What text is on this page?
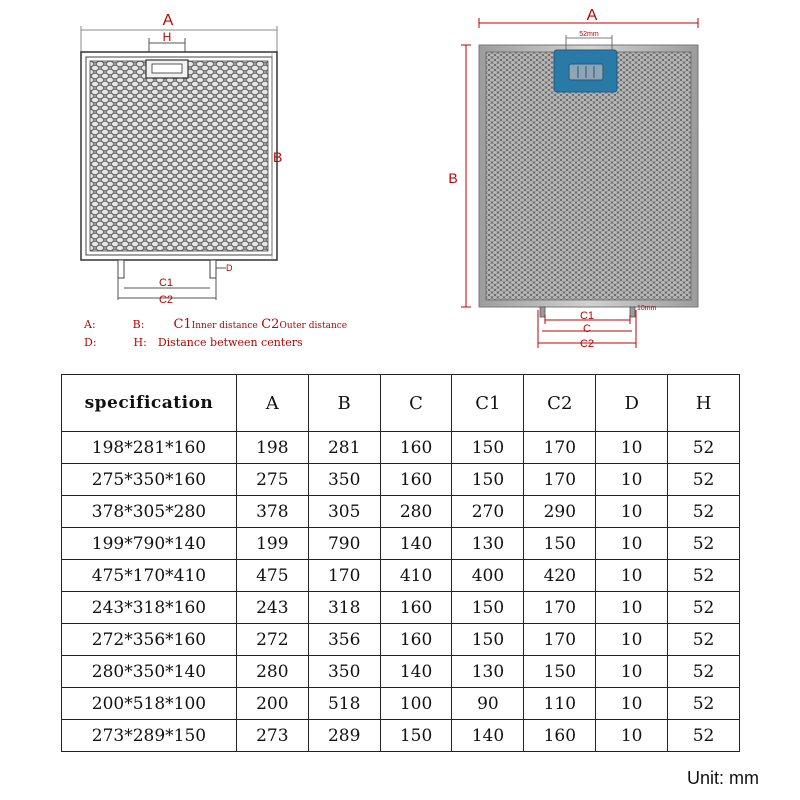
A
H
B
D
C1
C2
A
B
52mm
10mm
C1
C
C2
A:	B: C1Inner distance C2Outer distance
D:	H: Distance between centers
specification	A	B	C	C1	C2	D	H
198*281*160	198	281	160	150	170	10	52
275*350*160	275	350	160	150	170	10	52
378*305*280	378	305	280	270	290	10	52
199*790*140	199	790	140	130	150	10	52
475*170*410	475	170	410	400	420	10	52
243*318*160	243	318	160	150	170	10	52
272*356*160	272	356	160	150	170	10	52
280*350*140	280	350	140	130	150	10	52
200*518*100	200	518	100	90	110	10	52
273*289*150	273	289	150	140	160	10	52
Unit: mm
